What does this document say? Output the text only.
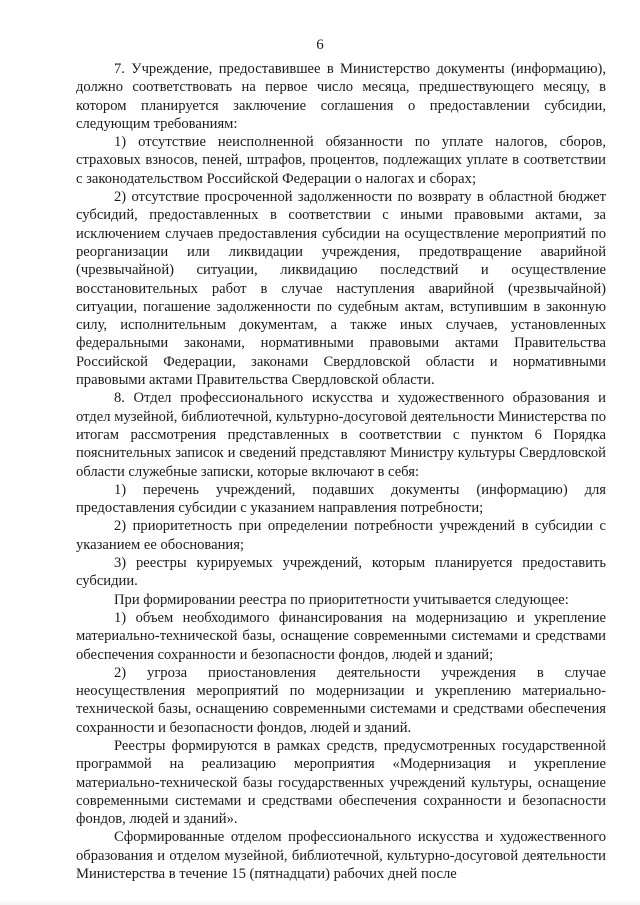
6

7. Учреждение, предоставившее в Министерство документы (информацию), должно соответствовать на первое число месяца, предшествующего месяцу, в котором планируется заключение соглашения о предоставлении субсидии, следующим требованиям:

1) отсутствие неисполненной обязанности по уплате налогов, сборов, страховых взносов, пеней, штрафов, процентов, подлежащих уплате в соответствии с законодательством Российской Федерации о налогах и сборах;

2) отсутствие просроченной задолженности по возврату в областной бюджет субсидий, предоставленных в соответствии с иными правовыми актами, за исключением случаев предоставления субсидии на осуществление мероприятий по реорганизации или ликвидации учреждения, предотвращение аварийной (чрезвычайной) ситуации, ликвидацию последствий и осуществление восстановительных работ в случае наступления аварийной (чрезвычайной) ситуации, погашение задолженности по судебным актам, вступившим в законную силу, исполнительным документам, а также иных случаев, установленных федеральными законами, нормативными правовыми актами Правительства Российской Федерации, законами Свердловской области и нормативными правовыми актами Правительства Свердловской области.

8. Отдел профессионального искусства и художественного образования и отдел музейной, библиотечной, культурно-досуговой деятельности Министерства по итогам рассмотрения представленных в соответствии с пунктом 6 Порядка пояснительных записок и сведений представляют Министру культуры Свердловской области служебные записки, которые включают в себя:

1) перечень учреждений, подавших документы (информацию) для предоставления субсидии с указанием направления потребности;

2) приоритетность при определении потребности учреждений в субсидии с указанием ее обоснования;

3) реестры курируемых учреждений, которым планируется предоставить субсидии.

При формировании реестра по приоритетности учитывается следующее:

1) объем необходимого финансирования на модернизацию и укрепление материально-технической базы, оснащение современными системами и средствами обеспечения сохранности и безопасности фондов, людей и зданий;

2) угроза приостановления деятельности учреждения в случае неосуществления мероприятий по модернизации и укреплению материально-технической базы, оснащению современными системами и средствами обеспечения сохранности и безопасности фондов, людей и зданий.

Реестры формируются в рамках средств, предусмотренных государственной программой на реализацию мероприятия «Модернизация и укрепление материально-технической базы государственных учреждений культуры, оснащение современными системами и средствами обеспечения сохранности и безопасности фондов, людей и зданий».

Сформированные отделом профессионального искусства и художественного образования и отделом музейной, библиотечной, культурно-досуговой деятельности Министерства в течение 15 (пятнадцати) рабочих дней после
